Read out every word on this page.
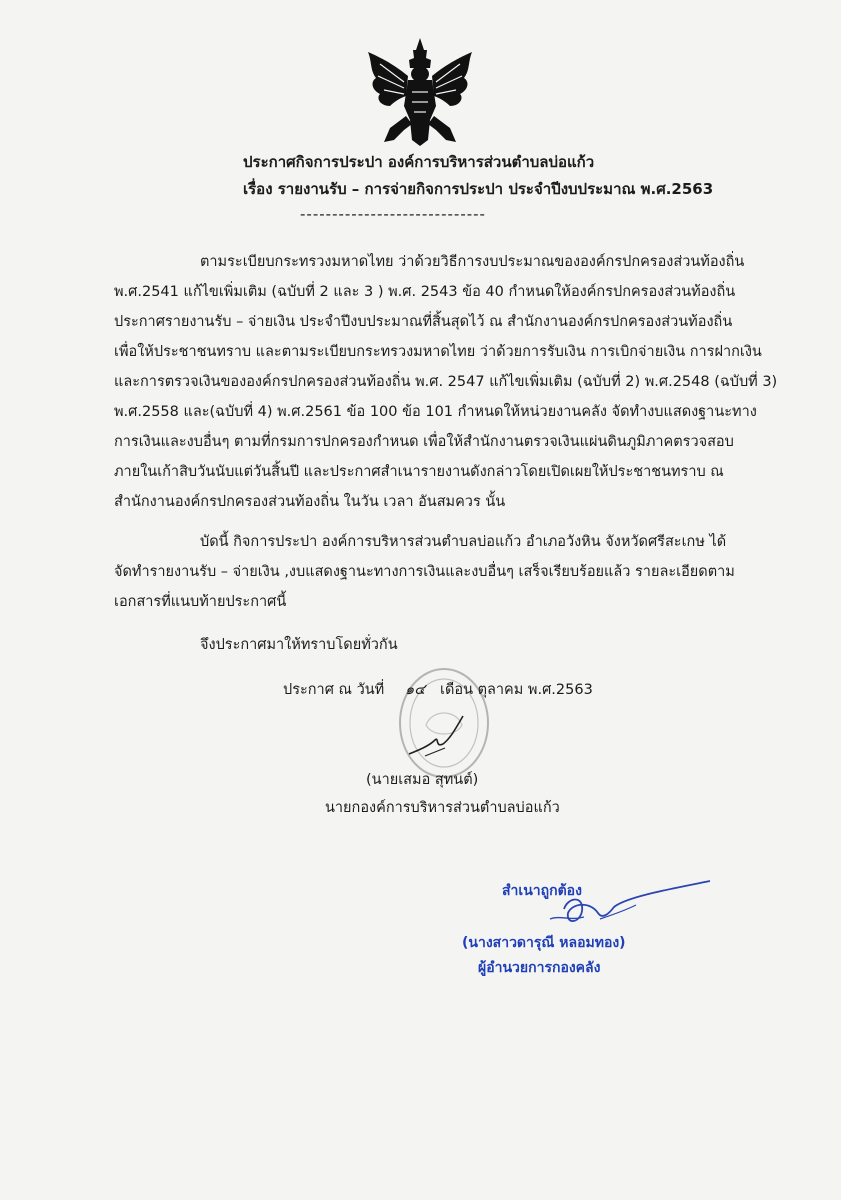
ประกาศกิจการประปา องค์การบริหารส่วนตำบลบ่อแก้ว
เรื่อง รายงานรับ – การจ่ายกิจการประปา ประจำปีงบประมาณ พ.ศ.2563
-----------------------------
ตามระเบียบกระทรวงมหาดไทย ว่าด้วยวิธีการงบประมาณขององค์กรปกครองส่วนท้องถิ่น
พ.ศ.2541 แก้ไขเพิ่มเติม (ฉบับที่ 2 และ 3 ) พ.ศ. 2543 ข้อ 40 กำหนดให้องค์กรปกครองส่วนท้องถิ่น
ประกาศรายงานรับ – จ่ายเงิน ประจำปีงบประมาณที่สิ้นสุดไว้ ณ สำนักงานองค์กรปกครองส่วนท้องถิ่น
เพื่อให้ประชาชนทราบ และตามระเบียบกระทรวงมหาดไทย ว่าด้วยการรับเงิน การเบิกจ่ายเงิน การฝากเงิน
และการตรวจเงินขององค์กรปกครองส่วนท้องถิ่น พ.ศ. 2547 แก้ไขเพิ่มเติม (ฉบับที่ 2) พ.ศ.2548 (ฉบับที่ 3)
พ.ศ.2558 และ(ฉบับที่ 4) พ.ศ.2561 ข้อ 100 ข้อ 101 กำหนดให้หน่วยงานคลัง จัดทำงบแสดงฐานะทาง
การเงินและงบอื่นๆ ตามที่กรมการปกครองกำหนด เพื่อให้สำนักงานตรวจเงินแผ่นดินภูมิภาคตรวจสอบ
ภายในเก้าสิบวันนับแต่วันสิ้นปี และประกาศสำเนารายงานดังกล่าวโดยเปิดเผยให้ประชาชนทราบ ณ
สำนักงานองค์กรปกครองส่วนท้องถิ่น ในวัน เวลา อันสมควร นั้น
บัดนี้ กิจการประปา องค์การบริหารส่วนตำบลบ่อแก้ว อำเภอวังหิน จังหวัดศรีสะเกษ ได้
จัดทำรายงานรับ – จ่ายเงิน ,งบแสดงฐานะทางการเงินและงบอื่นๆ เสร็จเรียบร้อยแล้ว รายละเอียดตาม
เอกสารที่แนบท้ายประกาศนี้
จึงประกาศมาให้ทราบโดยทั่วกัน
ประกาศ ณ วันที่ ๑๔ เดือน ตุลาคม พ.ศ.2563
(นายเสมอ สุทนต์)
นายกองค์การบริหารส่วนตำบลบ่อแก้ว
สำเนาถูกต้อง
(นางสาวดารุณี หลอมทอง)
ผู้อำนวยการกองคลัง
